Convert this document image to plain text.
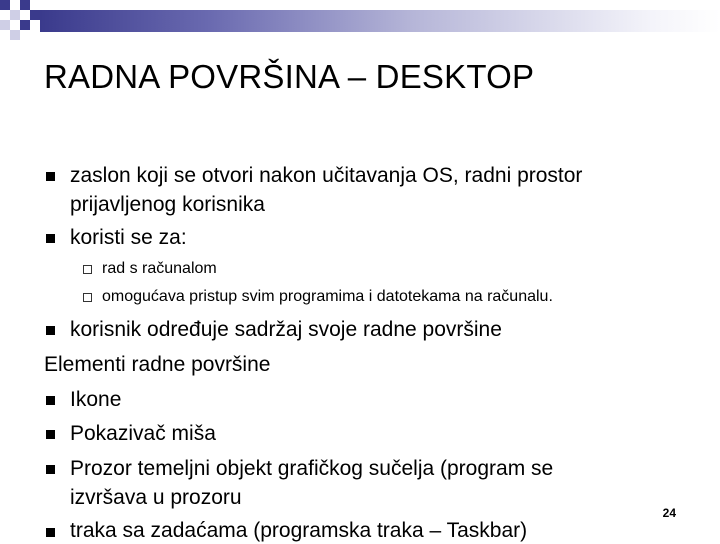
RADNA POVRŠINA – DESKTOP
zaslon koji se otvori nakon učitavanja OS, radni prostor
prijavljenog korisnika
koristi se za:
rad s računalom
omogućava pristup svim programima i datotekama na računalu.
korisnik određuje sadržaj svoje radne površine
Elementi radne površine
Ikone
Pokazivač miša
Prozor temeljni objekt grafičkog sučelja (program se
izvršava u prozoru
traka sa zadaćama (programska traka – Taskbar)
24
